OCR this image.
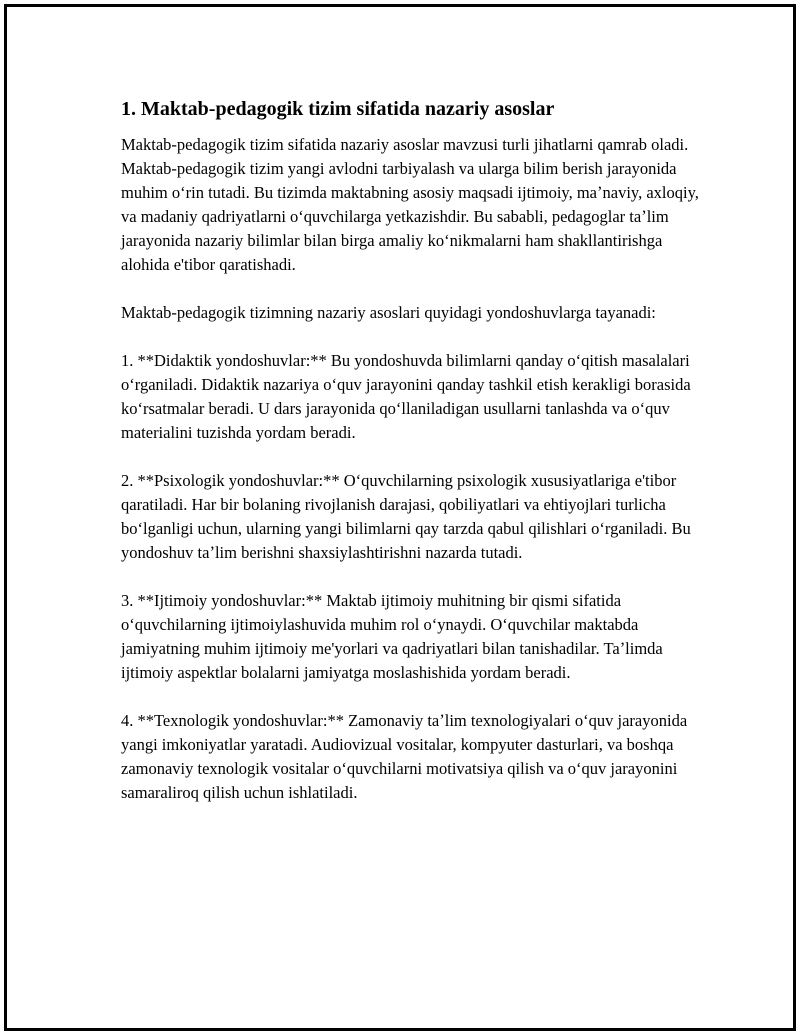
1. Maktab-pedagogik tizim sifatida nazariy asoslar

Maktab-pedagogik tizim sifatida nazariy asoslar mavzusi turli jihatlarni qamrab oladi. Maktab-pedagogik tizim yangi avlodni tarbiyalash va ularga bilim berish jarayonida muhim oʻrin tutadi. Bu tizimda maktabning asosiy maqsadi ijtimoiy, maʼnaviy, axloqiy, va madaniy qadriyatlarni oʻquvchilarga yetkazishdir. Bu sababli, pedagoglar taʼlim jarayonida nazariy bilimlar bilan birga amaliy koʻnikmalarni ham shakllantirishga alohida e'tibor qaratishadi.

Maktab-pedagogik tizimning nazariy asoslari quyidagi yondoshuvlarga tayanadi:

1. **Didaktik yondoshuvlar:** Bu yondoshuvda bilimlarni qanday oʻqitish masalalari oʻrganiladi. Didaktik nazariya oʻquv jarayonini qanday tashkil etish kerakligi borasida koʻrsatmalar beradi. U dars jarayonida qoʻllaniladigan usullarni tanlashda va oʻquv materialini tuzishda yordam beradi.

2. **Psixologik yondoshuvlar:** Oʻquvchilarning psixologik xususiyatlariga e'tibor qaratiladi. Har bir bolaning rivojlanish darajasi, qobiliyatlari va ehtiyojlari turlicha boʻlganligi uchun, ularning yangi bilimlarni qay tarzda qabul qilishlari oʻrganiladi. Bu yondoshuv taʼlim berishni shaxsiylashtirishni nazarda tutadi.

3. **Ijtimoiy yondoshuvlar:** Maktab ijtimoiy muhitning bir qismi sifatida oʻquvchilarning ijtimoiylashuvida muhim rol oʻynaydi. Oʻquvchilar maktabda jamiyatning muhim ijtimoiy me'yorlari va qadriyatlari bilan tanishadilar. Taʼlimda ijtimoiy aspektlar bolalarni jamiyatga moslashishida yordam beradi.

4. **Texnologik yondoshuvlar:** Zamonaviy taʼlim texnologiyalari oʻquv jarayonida yangi imkoniyatlar yaratadi. Audiovizual vositalar, kompyuter dasturlari, va boshqa zamonaviy texnologik vositalar oʻquvchilarni motivatsiya qilish va oʻquv jarayonini samaraliroq qilish uchun ishlatiladi.
